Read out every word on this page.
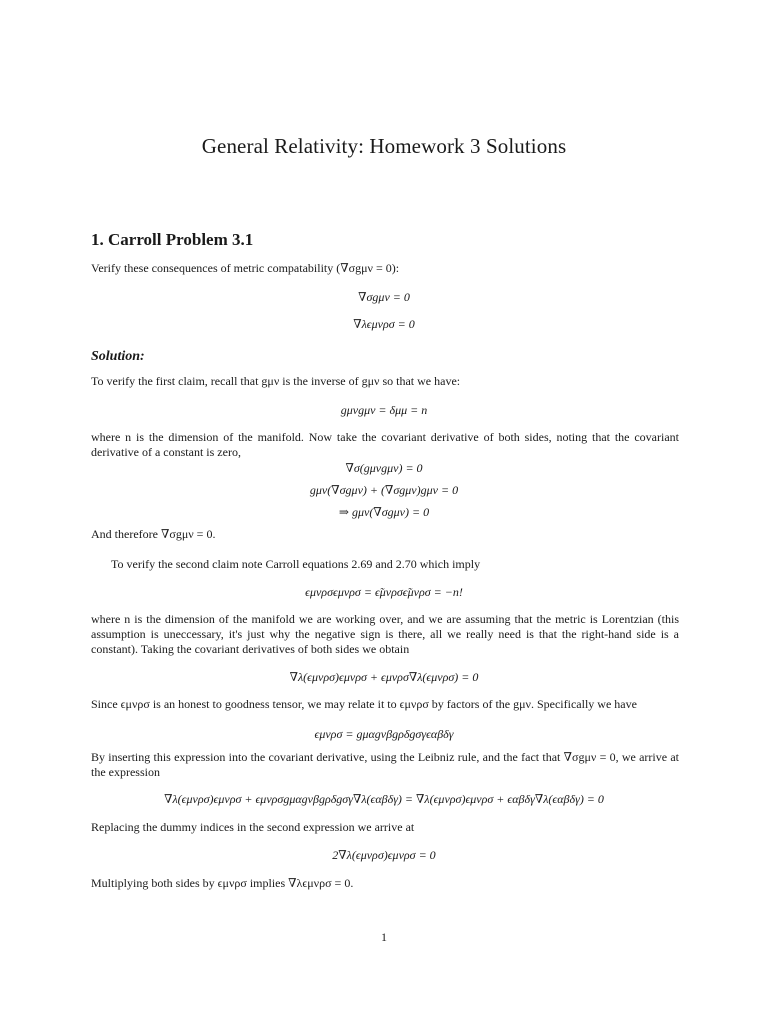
General Relativity: Homework 3 Solutions
1. Carroll Problem 3.1
Verify these consequences of metric compatability (∇σgμν = 0):
∇σgμν = 0
∇λϵμνρσ = 0
Solution:
To verify the first claim, recall that gμν is the inverse of gμν so that we have:
gμνgμν = δμμ = n
where n is the dimension of the manifold. Now take the covariant derivative of both sides, noting that the covariant derivative of a constant is zero,
∇σ(gμνgμν) = 0
gμν(∇σgμν) + (∇σgμν)gμν = 0
⇒ gμν(∇σgμν) = 0
And therefore ∇σgμν = 0.
To verify the second claim note Carroll equations 2.69 and 2.70 which imply
ϵμνρσϵμνρσ = ϵ̃μνρσϵ̃μνρσ = −n!
where n is the dimension of the manifold we are working over, and we are assuming that the metric is Lorentzian (this assumption is uneccessary, it's just why the negative sign is there, all we really need is that the right-hand side is a constant). Taking the covariant derivatives of both sides we obtain
∇λ(ϵμνρσ)ϵμνρσ + ϵμνρσ∇λ(ϵμνρσ) = 0
Since ϵμνρσ is an honest to goodness tensor, we may relate it to ϵμνρσ by factors of the gμν. Specifically we have
ϵμνρσ = gμαgνβgρδgσγϵαβδγ
By inserting this expression into the covariant derivative, using the Leibniz rule, and the fact that ∇σgμν = 0, we arrive at the expression
∇λ(ϵμνρσ)ϵμνρσ + ϵμνρσgμαgνβgρδgσγ∇λ(ϵαβδγ) = ∇λ(ϵμνρσ)ϵμνρσ + ϵαβδγ∇λ(ϵαβδγ) = 0
Replacing the dummy indices in the second expression we arrive at
2∇λ(ϵμνρσ)ϵμνρσ = 0
Multiplying both sides by ϵμνρσ implies ∇λϵμνρσ = 0.
1
